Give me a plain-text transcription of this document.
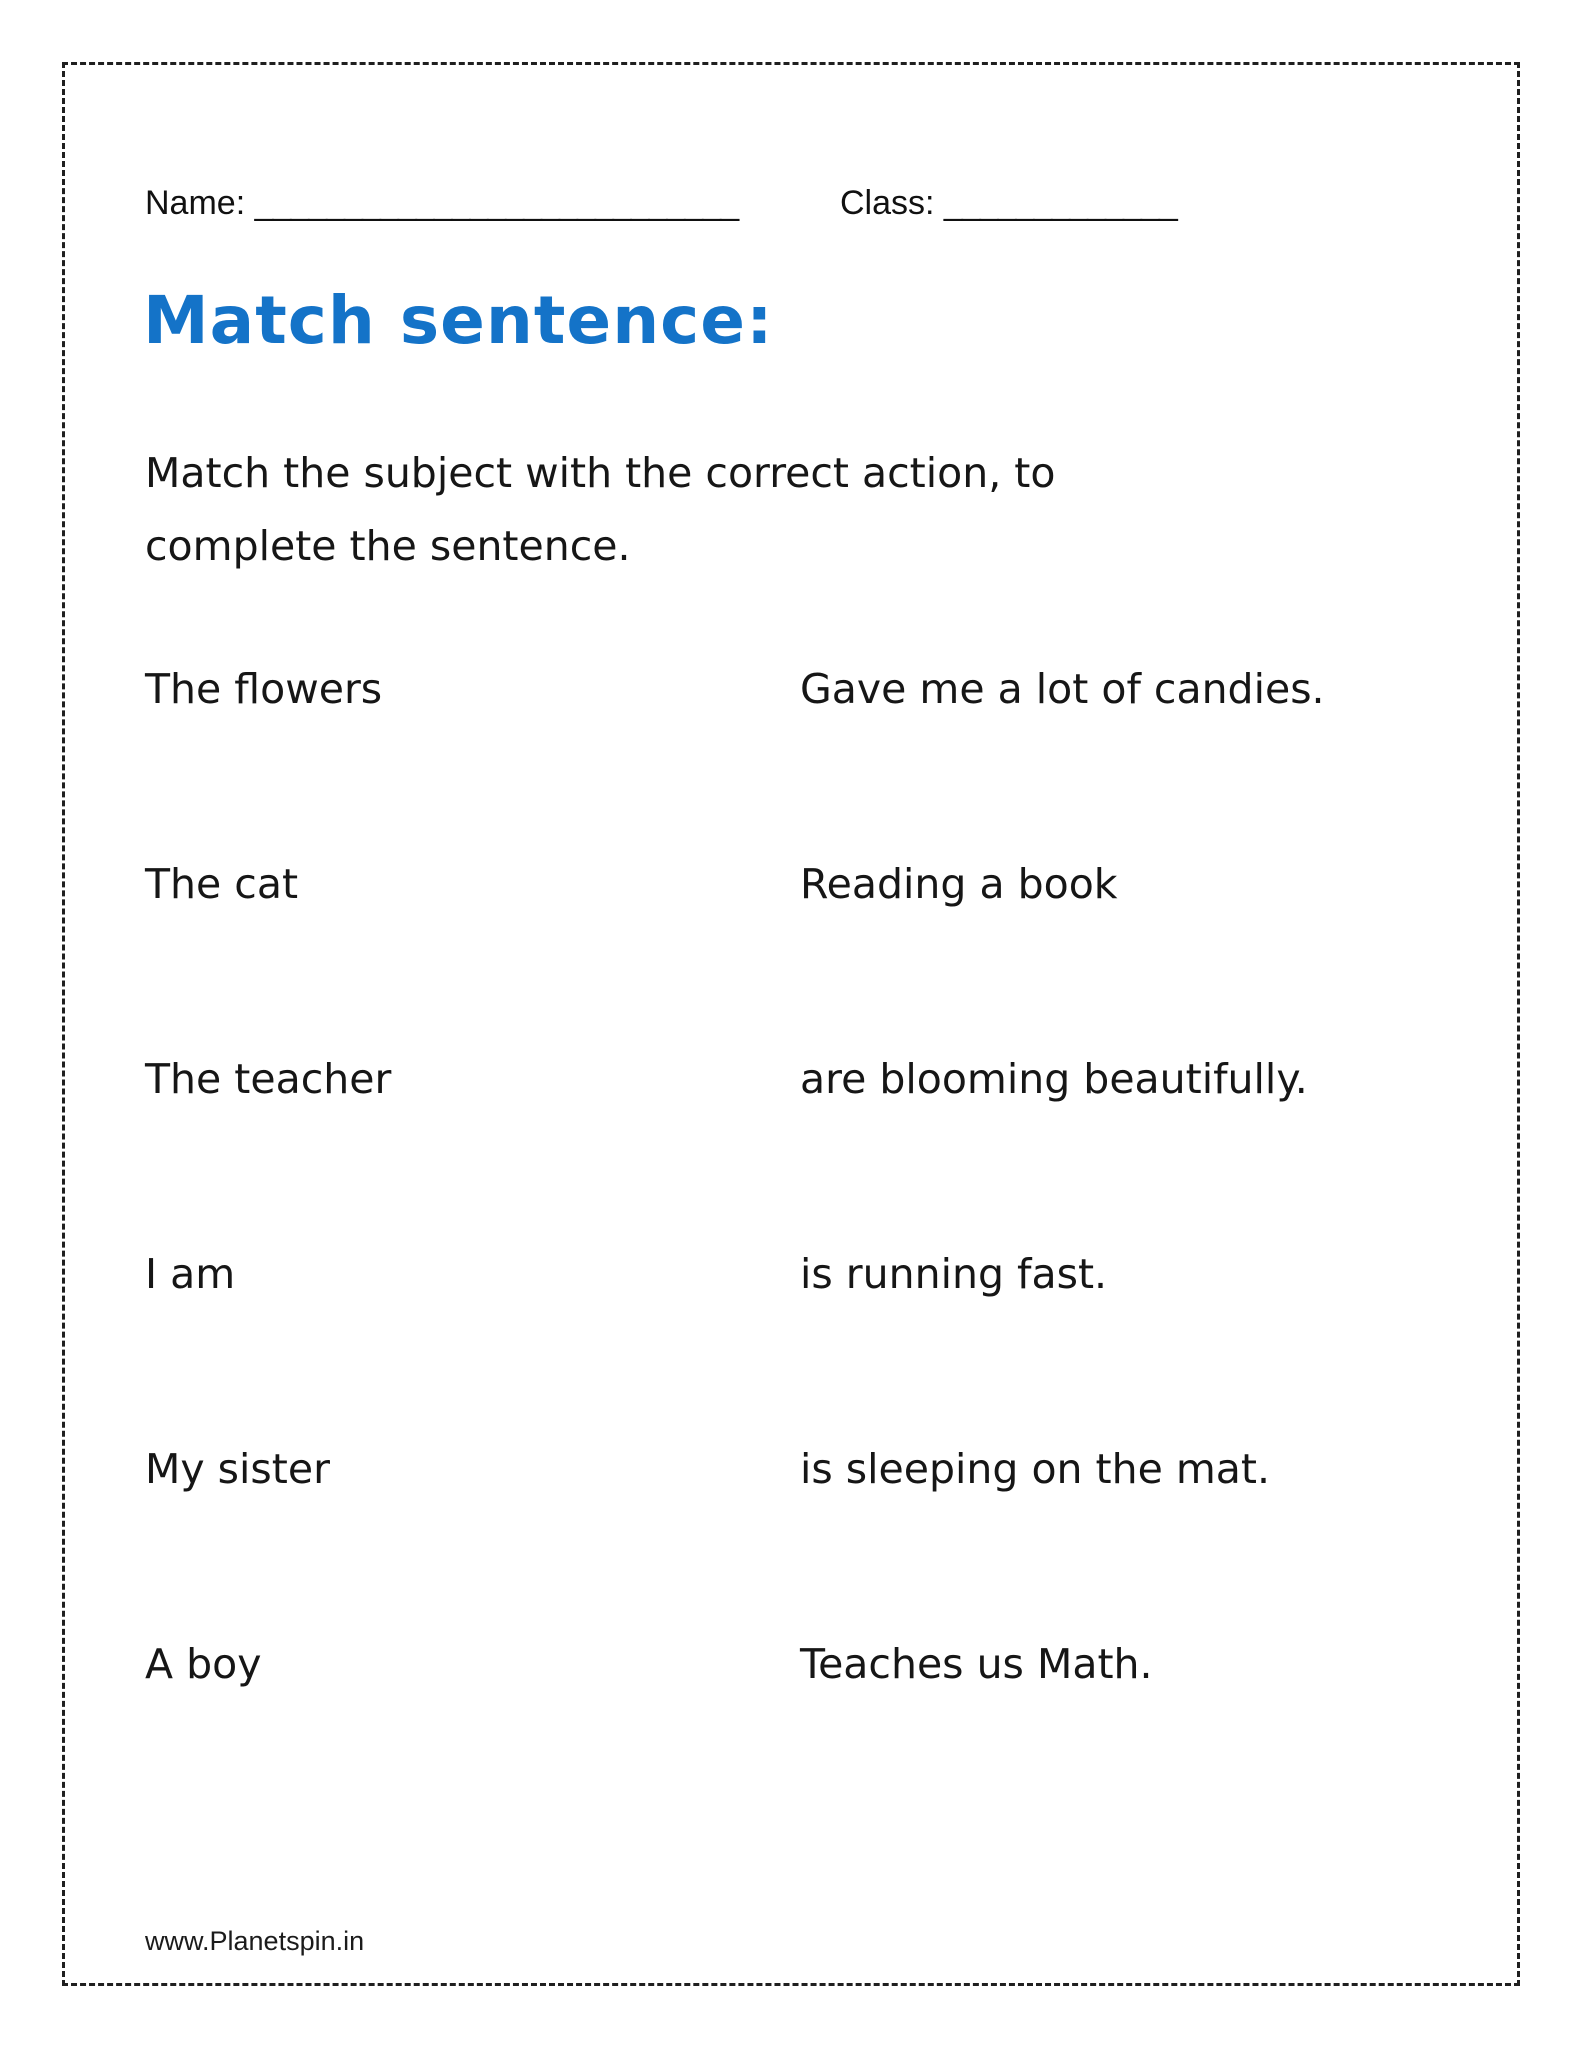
Name: ___________________________	Class: _____________
Match sentence:
Match the subject with the correct action, to
complete the sentence.
The flowers	Gave me a lot of candies.
The cat	Reading a book
The teacher	are blooming beautifully.
I am	is running fast.
My sister	is sleeping on the mat.
A boy	Teaches us Math.
www.Planetspin.in
